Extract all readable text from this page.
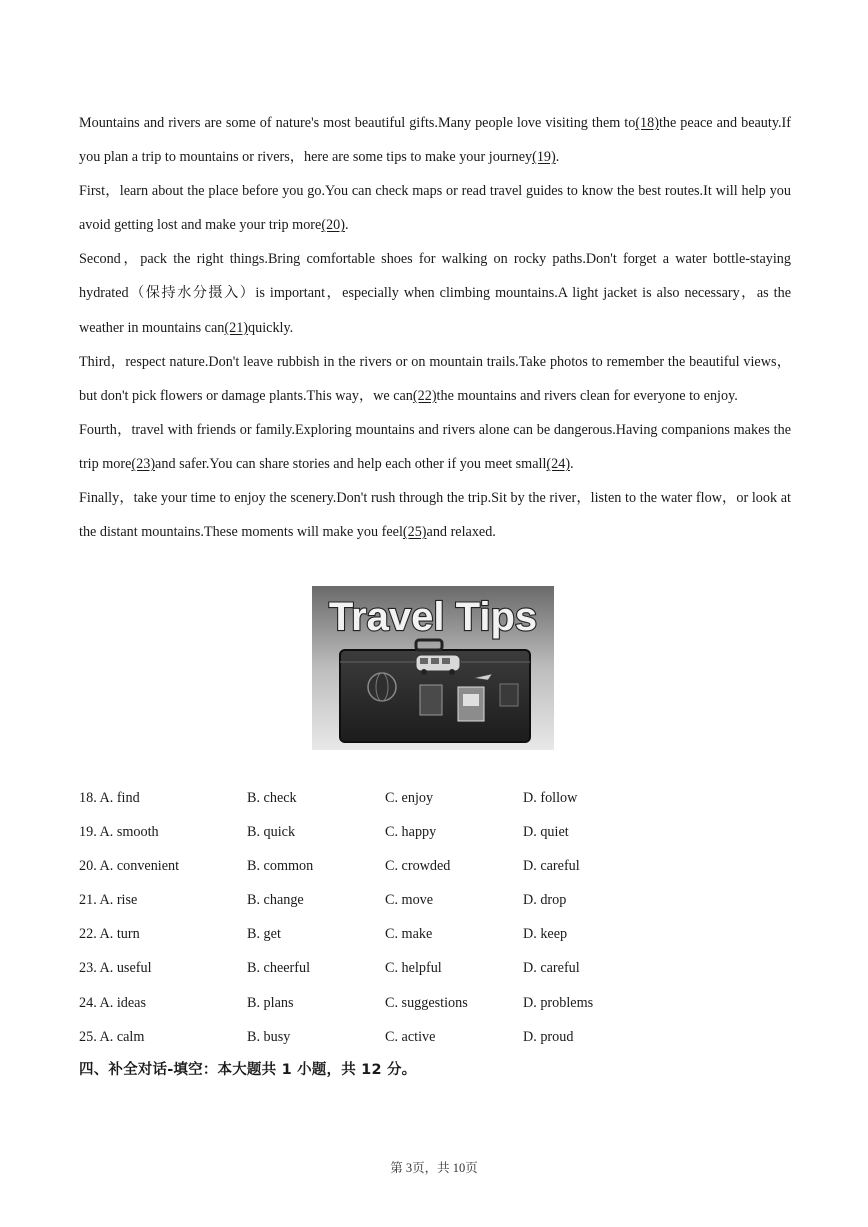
Mountains and rivers are some of nature's most beautiful gifts.Many people love visiting them to(18)the peace and beauty.If you plan a trip to mountains or rivers，here are some tips to make your journey(19).

First，learn about the place before you go.You can check maps or read travel guides to know the best routes.It will help you avoid getting lost and make your trip more(20).

Second，pack the right things.Bring comfortable shoes for walking on rocky paths.Don't forget a water bottle-staying hydrated（保持水分摄入）is important，especially when climbing mountains.A light jacket is also necessary，as the weather in mountains can(21)quickly.

Third，respect nature.Don't leave rubbish in the rivers or on mountain trails.Take photos to remember the beautiful views，but don't pick flowers or damage plants.This way，we can(22)the mountains and rivers clean for everyone to enjoy.

Fourth，travel with friends or family.Exploring mountains and rivers alone can be dangerous.Having companions makes the trip more(23)and safer.You can share stories and help each other if you meet small(24).

Finally，take your time to enjoy the scenery.Don't rush through the trip.Sit by the river，listen to the water flow，or look at the distant mountains.These moments will make you feel(25)and relaxed.

Travel Tips
18. A. find	B. check	C. enjoy	D. follow
19. A. smooth	B. quick	C. happy	D. quiet
20. A. convenient	B. common	C. crowded	D. careful
21. A. rise	B. change	C. move	D. drop
22. A. turn	B. get	C. make	D. keep
23. A. useful	B. cheerful	C. helpful	D. careful
24. A. ideas	B. plans	C. suggestions	D. problems
25. A. calm	B. busy	C. active	D. proud
四、补全对话-填空：本大题共 1 小题，共 12 分。
第 3页，共 10页
